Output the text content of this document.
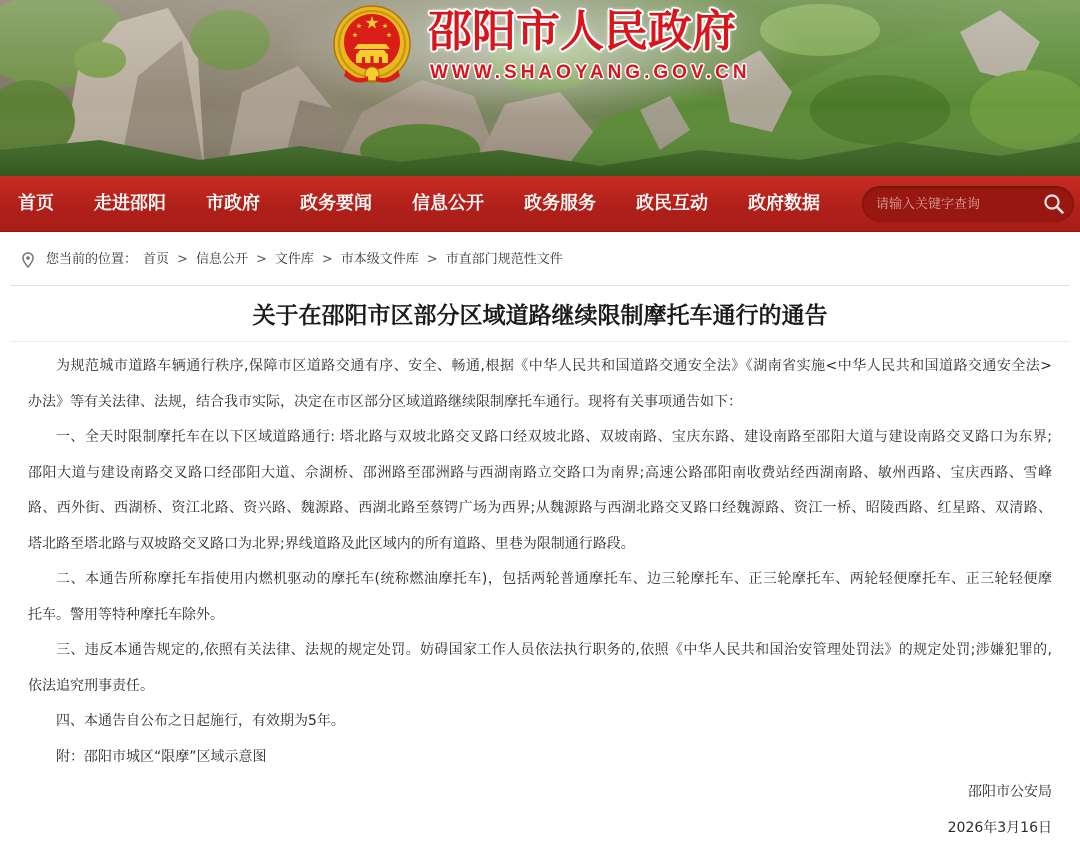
邵阳市人民政府
WWW.SHAOYANG.GOV.CN
首页 走进邵阳 市政府 政务要闻 信息公开 政务服务 政民互动 政府数据
请输入关键字查询
您当前的位置： 首页 > 信息公开 > 文件库 > 市本级文件库 > 市直部门规范性文件
关于在邵阳市区部分区域道路继续限制摩托车通行的通告
为规范城市道路车辆通行秩序,保障市区道路交通有序、安全、畅通,根据《中华人民共和国道路交通安全法》《湖南省实施<中华人民共和国道路交通安全法>
办法》等有关法律、法规，结合我市实际，决定在市区部分区域道路继续限制摩托车通行。现将有关事项通告如下：
一、全天时限制摩托车在以下区域道路通行: 塔北路与双坡北路交叉路口经双坡北路、双坡南路、宝庆东路、建设南路至邵阳大道与建设南路交叉路口为东界;
邵阳大道与建设南路交叉路口经邵阳大道、佘湖桥、邵洲路至邵洲路与西湖南路立交路口为南界;高速公路邵阳南收费站经西湖南路、敏州西路、宝庆西路、雪峰
路、西外街、西湖桥、资江北路、资兴路、魏源路、西湖北路至蔡锷广场为西界;从魏源路与西湖北路交叉路口经魏源路、资江一桥、昭陵西路、红星路、双清路、
塔北路至塔北路与双坡路交叉路口为北界;界线道路及此区域内的所有道路、里巷为限制通行路段。
二、本通告所称摩托车指使用内燃机驱动的摩托车(统称燃油摩托车)，包括两轮普通摩托车、边三轮摩托车、正三轮摩托车、两轮轻便摩托车、正三轮轻便摩
托车。警用等特种摩托车除外。
三、违反本通告规定的,依照有关法律、法规的规定处罚。妨碍国家工作人员依法执行职务的,依照《中华人民共和国治安管理处罚法》的规定处罚;涉嫌犯罪的,
依法追究刑事责任。
四、本通告自公布之日起施行，有效期为5年。
附：邵阳市城区“限摩”区域示意图
邵阳市公安局
2026年3月16日
